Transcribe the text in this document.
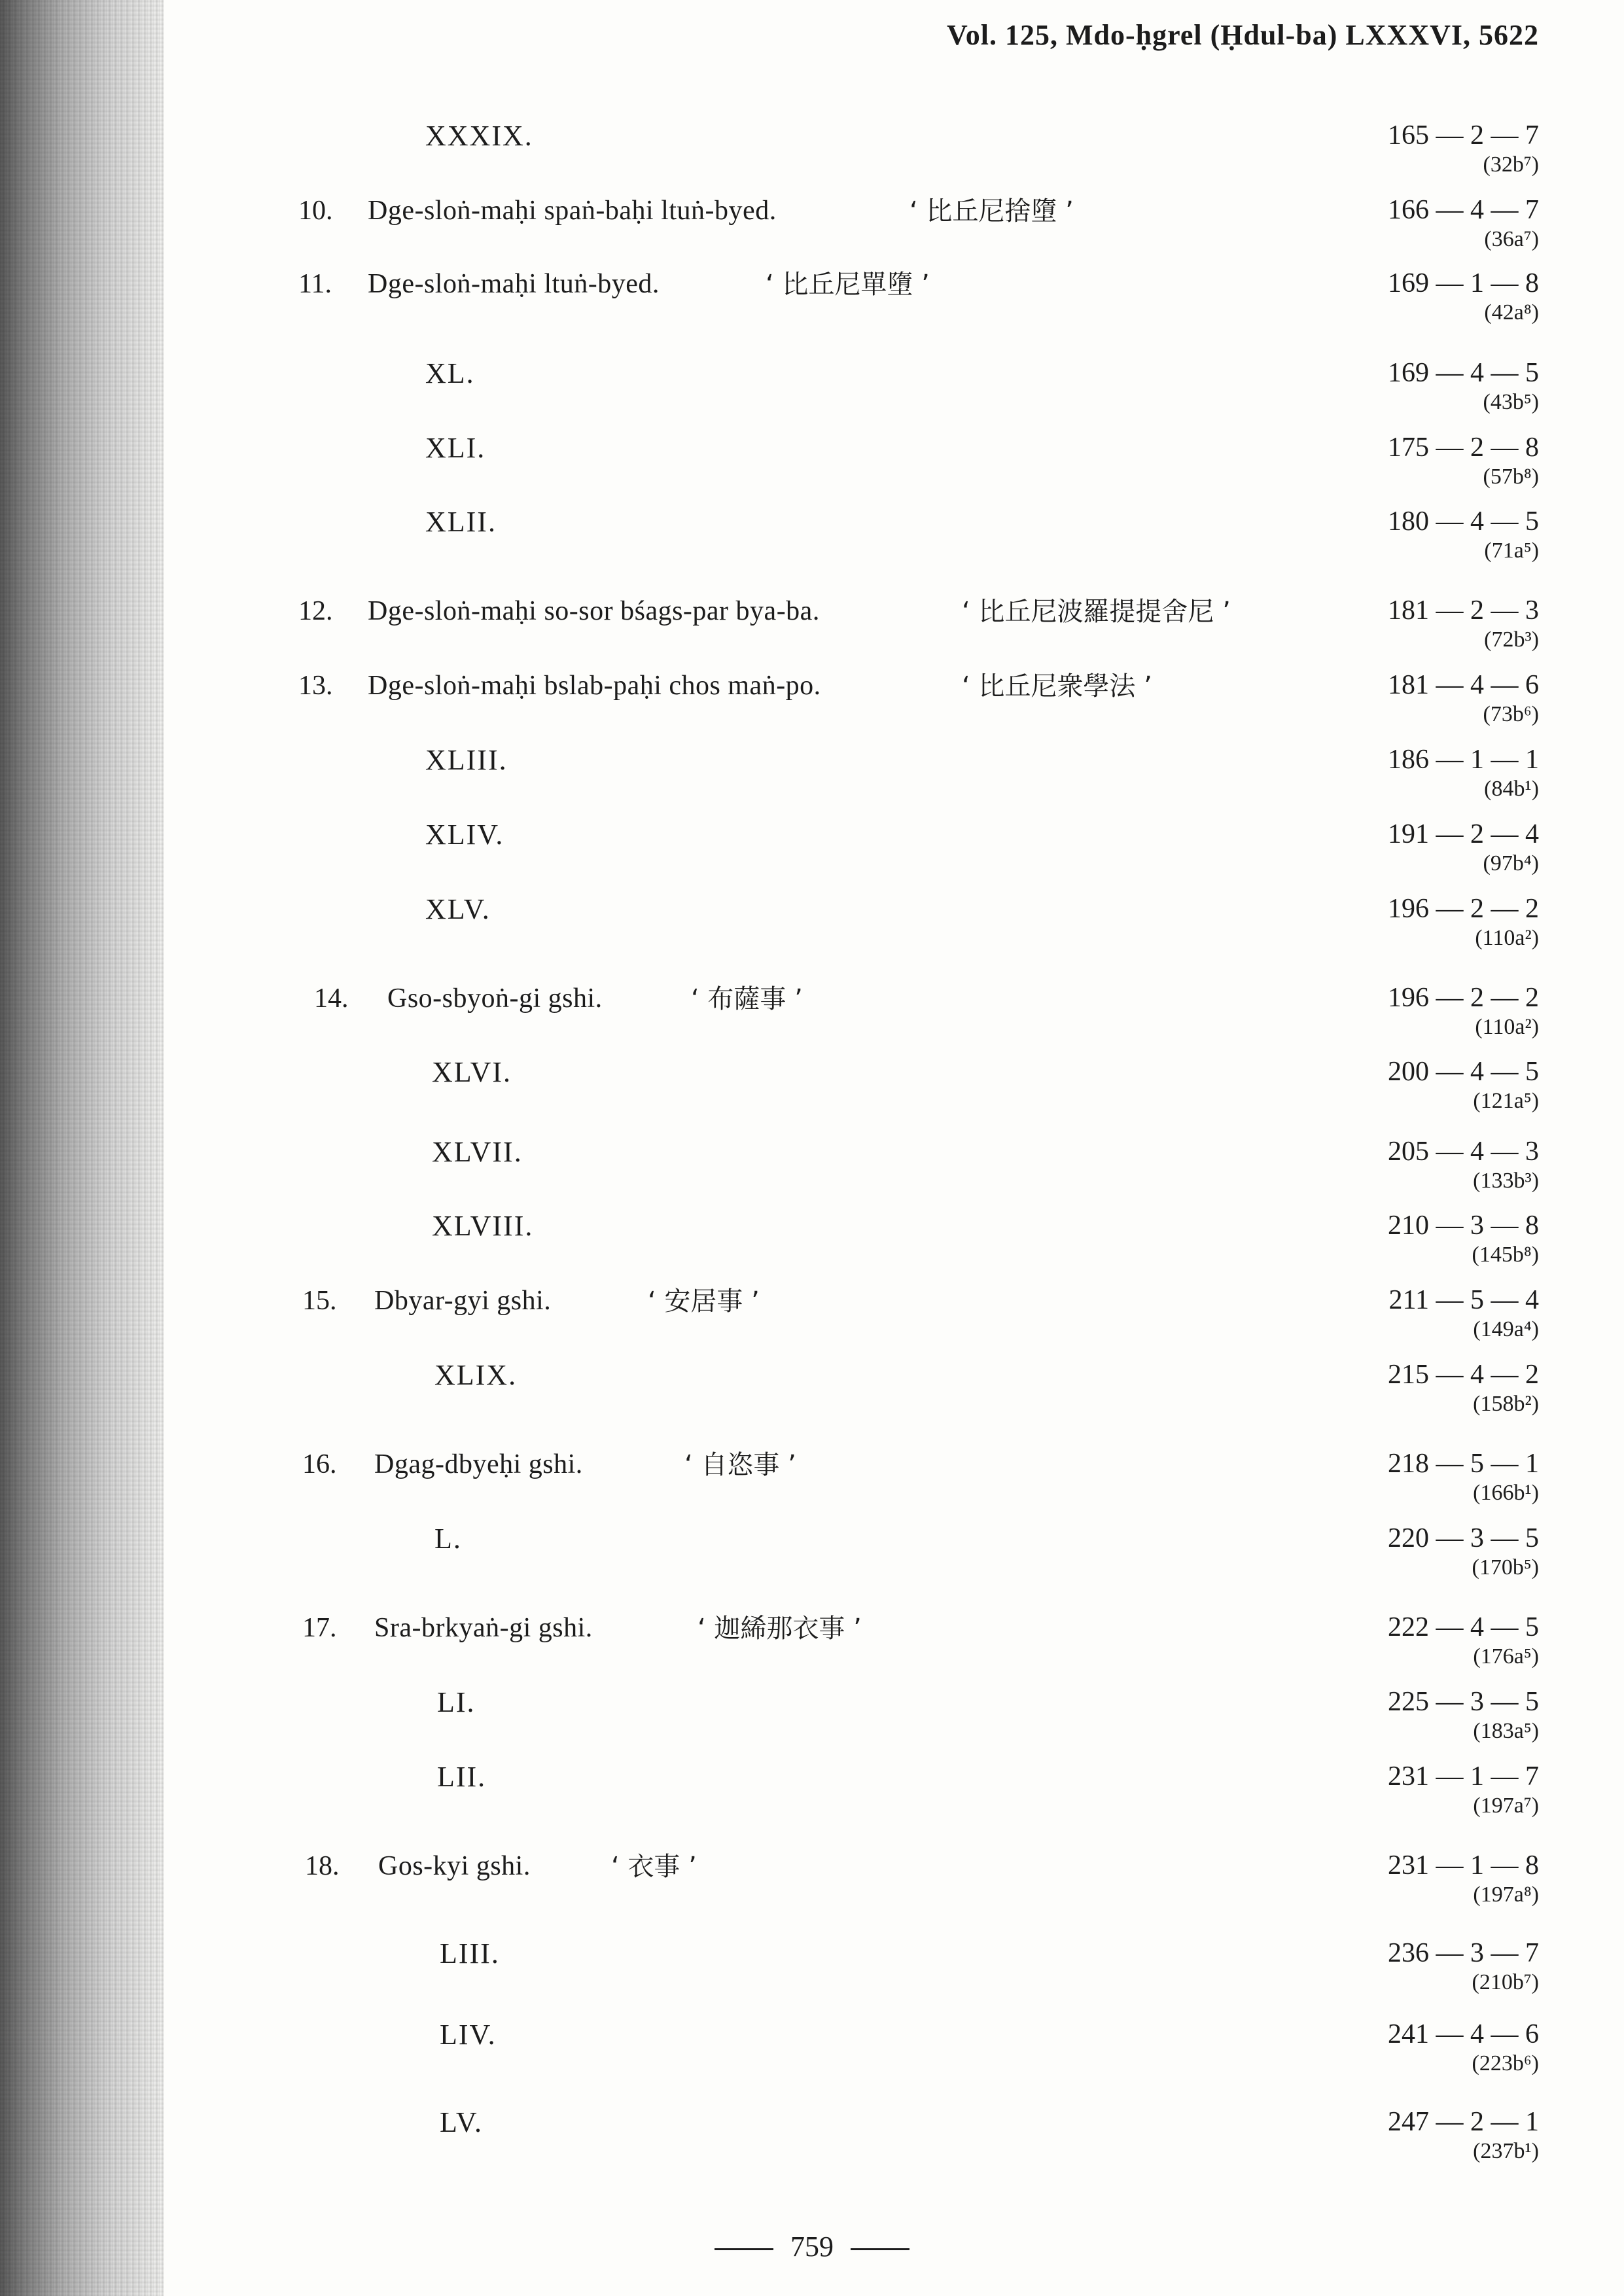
Vol. 125, Mdo-ḥgrel (Ḥdul-ba) LXXXVI, 5622
XXXIX.	165 — 2 — 7
(32b⁷)
10. Dge-sloṅ-maḥi spaṅ-baḥi ltuṅ-byed.	‘ 比丘尼捨墮 ’	166 — 4 — 7
(36a⁷)
11. Dge-sloṅ-maḥi ltuṅ-byed.	‘ 比丘尼單墮 ’	169 — 1 — 8
(42a⁸)
XL.	169 — 4 — 5
(43b⁵)
XLI.	175 — 2 — 8
(57b⁸)
XLII.	180 — 4 — 5
(71a⁵)
12. Dge-sloṅ-maḥi so-sor bśags-par bya-ba.	‘ 比丘尼波羅提提舍尼 ’	181 — 2 — 3
(72b³)
13. Dge-sloṅ-maḥi bslab-paḥi chos maṅ-po.	‘ 比丘尼衆學法 ’	181 — 4 — 6
(73b⁶)
XLIII.	186 — 1 — 1
(84b¹)
XLIV.	191 — 2 — 4
(97b⁴)
XLV.	196 — 2 — 2
(110a²)
14. Gso-sbyoṅ-gi gshi.	‘ 布薩事 ’	196 — 2 — 2
(110a²)
XLVI.	200 — 4 — 5
(121a⁵)
XLVII.	205 — 4 — 3
(133b³)
XLVIII.	210 — 3 — 8
(145b⁸)
15. Dbyar-gyi gshi.	‘ 安居事 ’	211 — 5 — 4
(149a⁴)
XLIX.	215 — 4 — 2
(158b²)
16. Dgag-dbyeḥi gshi.	‘ 自恣事 ’	218 — 5 — 1
(166b¹)
L.	220 — 3 — 5
(170b⁵)
17. Sra-brkyaṅ-gi gshi.	‘ 迦絺那衣事 ’	222 — 4 — 5
(176a⁵)
LI.	225 — 3 — 5
(183a⁵)
LII.	231 — 1 — 7
(197a⁷)
18. Gos-kyi gshi.	‘ 衣事 ’	231 — 1 — 8
(197a⁸)
LIII.	236 — 3 — 7
(210b⁷)
LIV.	241 — 4 — 6
(223b⁶)
LV.	247 — 2 — 1
(237b¹)
759
